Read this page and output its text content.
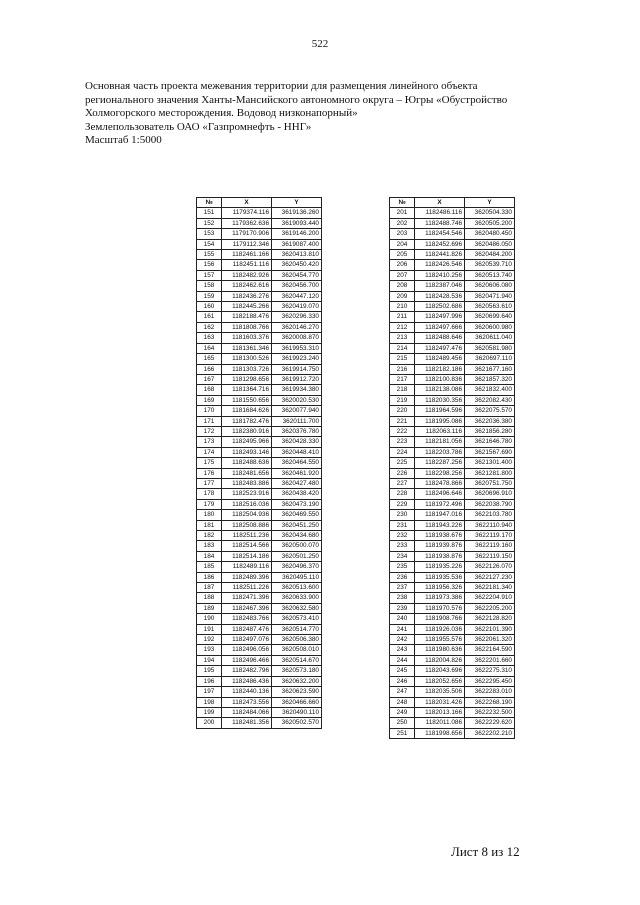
522
Основная часть проекта межевания территории для размещения линейного объекта
регионального значения Ханты-Мансийского автономного округа – Югры «Обустройство
Холмогорского месторождения. Водовод низконапорный»
Землепользователь ОАО «Газпромнефть - ННГ»
Масштаб 1:5000
№	X	Y
151	1179374.116	3619136.260
152	1179362.636	3619093.440
153	1179170.906	3619146.200
154	1179112.346	3619087.400
155	1182461.166	3620413.810
156	1182451.116	3620450.420
157	1182482.926	3620454.770
158	1182462.616	3620456.700
159	1182436.276	3620447.120
160	1182445.266	3620419.070
161	1182188.476	3620296.330
162	1181808.766	3620146.270
163	1181603.376	3620008.870
164	1181361.346	3619953.310
165	1181300.526	3619923.240
166	1181303.726	3619914.750
167	1181298.656	3619912.720
168	1181364.716	3619934.380
169	1181550.656	3620020.530
170	1181684.626	3620077.940
171	1181782.476	3620111.700
172	1182380.916	3620376.780
173	1182495.966	3620428.330
174	1182493.146	3620448.410
175	1182488.636	3620464.550
176	1182481.656	3620461.920
177	1182483.886	3620427.480
178	1182523.916	3620438.420
179	1182516.036	3620473.190
180	1182504.936	3620469.550
181	1182508.886	3620451.250
182	1182511.236	3620434.680
183	1182514.566	3620500.070
184	1182514.186	3620501.250
185	1182489.116	3620496.370
186	1182489.396	3620495.110
187	1182511.226	3620513.600
188	1182471.396	3620633.900
189	1182467.396	3620632.580
190	1182483.766	3620573.410
191	1182487.476	3620514.770
192	1182497.076	3620506.380
193	1182496.056	3620508.010
194	1182496.466	3620514.670
195	1182482.796	3620573.180
196	1182486.436	3620632.200
197	1182440.136	3620623.590
198	1182473.556	3620466.660
199	1182484.066	3620490.110
200	1182481.356	3620502.570
№	X	Y
201	1182486.116	3620504.330
202	1182488.746	3620505.200
203	1182454.546	3620480.450
204	1182452.696	3620486.050
205	1182441.826	3620484.200
206	1182426.546	3620539.710
207	1182410.256	3620513.740
208	1182387.046	3620606.080
209	1182428.536	3620471.940
210	1182502.686	3620563.610
211	1182497.996	3620699.640
212	1182497.666	3620600.980
213	1182488.646	3620611.040
214	1182497.476	3620581.980
215	1182489.456	3620697.110
216	1182182.186	3621677.160
217	1182100.836	3621857.320
218	1182138.086	3621832.400
219	1182030.356	3622082.430
220	1181964.596	3622075.570
221	1181995.086	3622036.380
222	1182063.116	3621856.280
223	1182181.056	3621646.780
224	1182203.786	3621567.690
225	1182287.256	3621301.400
226	1182298.256	3621281.800
227	1182478.866	3620751.750
228	1182496.646	3620696.910
229	1181972.496	3622038.790
230	1181947.016	3622103.780
231	1181943.226	3622110.940
232	1181938.676	3622119.170
233	1181939.876	3622119.160
234	1181938.876	3622119.150
235	1181935.226	3622126.070
236	1181935.536	3622127.230
237	1181956.326	3622181.340
238	1181973.386	3622204.910
239	1181970.576	3622205.200
240	1181908.766	3622128.820
241	1181926.036	3622101.390
242	1181955.576	3622061.320
243	1181980.636	3622164.590
244	1182004.826	3622201.660
245	1182043.696	3622275.310
246	1182052.656	3622295.450
247	1182035.506	3622283.010
248	1182031.426	3622268.190
249	1182013.166	3622232.500
250	1182011.086	3622229.620
251	1181998.656	3622202.210
Лист 8 из 12
